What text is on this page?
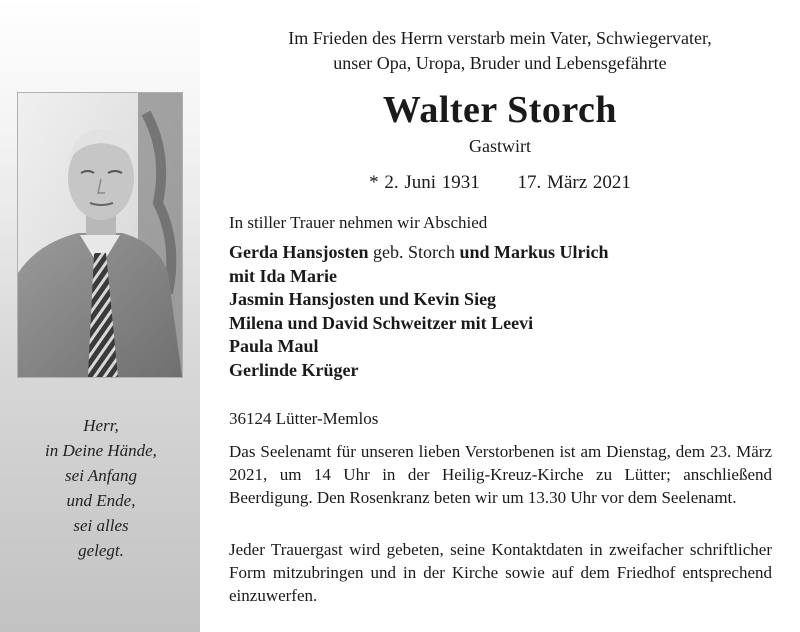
Herr,
in Deine Hände,
sei Anfang
und Ende,
sei alles
gelegt.
Im Frieden des Herrn verstarb mein Vater, Schwiegervater,
unser Opa, Uropa, Bruder und Lebensgefährte
Walter Storch
Gastwirt
* 2. Juni 1931 17. März 2021
In stiller Trauer nehmen wir Abschied
Gerda Hansjosten geb. Storch und Markus Ulrich
mit Ida Marie
Jasmin Hansjosten und Kevin Sieg
Milena und David Schweitzer mit Leevi
Paula Maul
Gerlinde Krüger
36124 Lütter-Memlos
Das Seelenamt für unseren lieben Verstorbenen ist am Dienstag, dem 23. März 2021, um 14 Uhr in der Heilig-Kreuz-Kirche zu Lütter; anschließend Beerdigung. Den Rosenkranz beten wir um 13.30 Uhr vor dem Seelenamt.
Jeder Trauergast wird gebeten, seine Kontaktdaten in zweifacher schriftlicher Form mitzubringen und in der Kirche sowie auf dem Friedhof entsprechend einzuwerfen.
